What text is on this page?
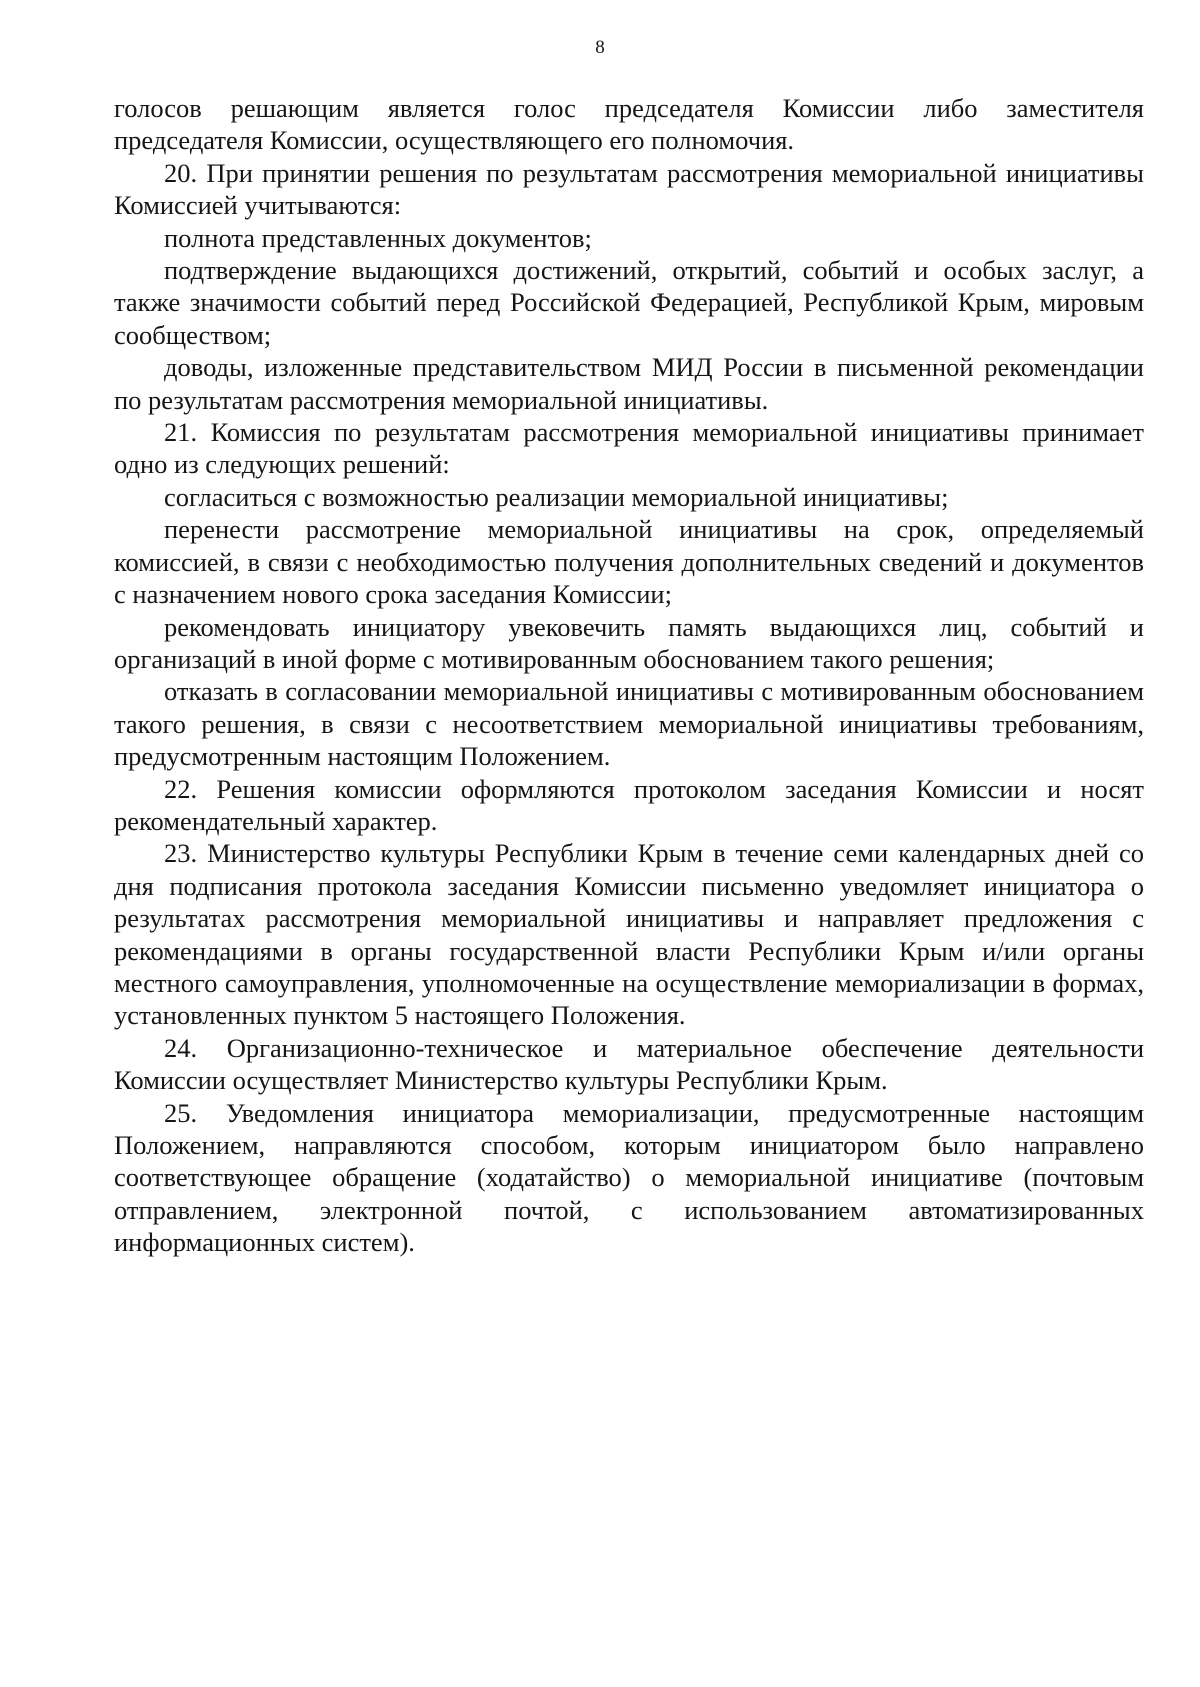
8

голосов решающим является голос председателя Комиссии либо заместителя председателя Комиссии, осуществляющего его полномочия.

20. При принятии решения по результатам рассмотрения мемориальной инициативы Комиссией учитываются:

полнота представленных документов;

подтверждение выдающихся достижений, открытий, событий и особых заслуг, а также значимости событий перед Российской Федерацией, Республикой Крым, мировым сообществом;

доводы, изложенные представительством МИД России в письменной рекомендации по результатам рассмотрения мемориальной инициативы.

21. Комиссия по результатам рассмотрения мемориальной инициативы принимает одно из следующих решений:

согласиться с возможностью реализации мемориальной инициативы;

перенести рассмотрение мемориальной инициативы на срок, определяемый комиссией, в связи с необходимостью получения дополнительных сведений и документов с назначением нового срока заседания Комиссии;

рекомендовать инициатору увековечить память выдающихся лиц, событий и организаций в иной форме с мотивированным обоснованием такого решения;

отказать в согласовании мемориальной инициативы с мотивированным обоснованием такого решения, в связи с несоответствием мемориальной инициативы требованиям, предусмотренным настоящим Положением.

22. Решения комиссии оформляются протоколом заседания Комиссии и носят рекомендательный характер.

23. Министерство культуры Республики Крым в течение семи календарных дней со дня подписания протокола заседания Комиссии письменно уведомляет инициатора о результатах рассмотрения мемориальной инициативы и направляет предложения с рекомендациями в органы государственной власти Республики Крым и/или органы местного самоуправления, уполномоченные на осуществление мемориализации в формах, установленных пунктом 5 настоящего Положения.

24. Организационно-техническое и материальное обеспечение деятельности Комиссии осуществляет Министерство культуры Республики Крым.

25. Уведомления инициатора мемориализации, предусмотренные настоящим Положением, направляются способом, которым инициатором было направлено соответствующее обращение (ходатайство) о мемориальной инициативе (почтовым отправлением, электронной почтой, с использованием автоматизированных информационных систем).
